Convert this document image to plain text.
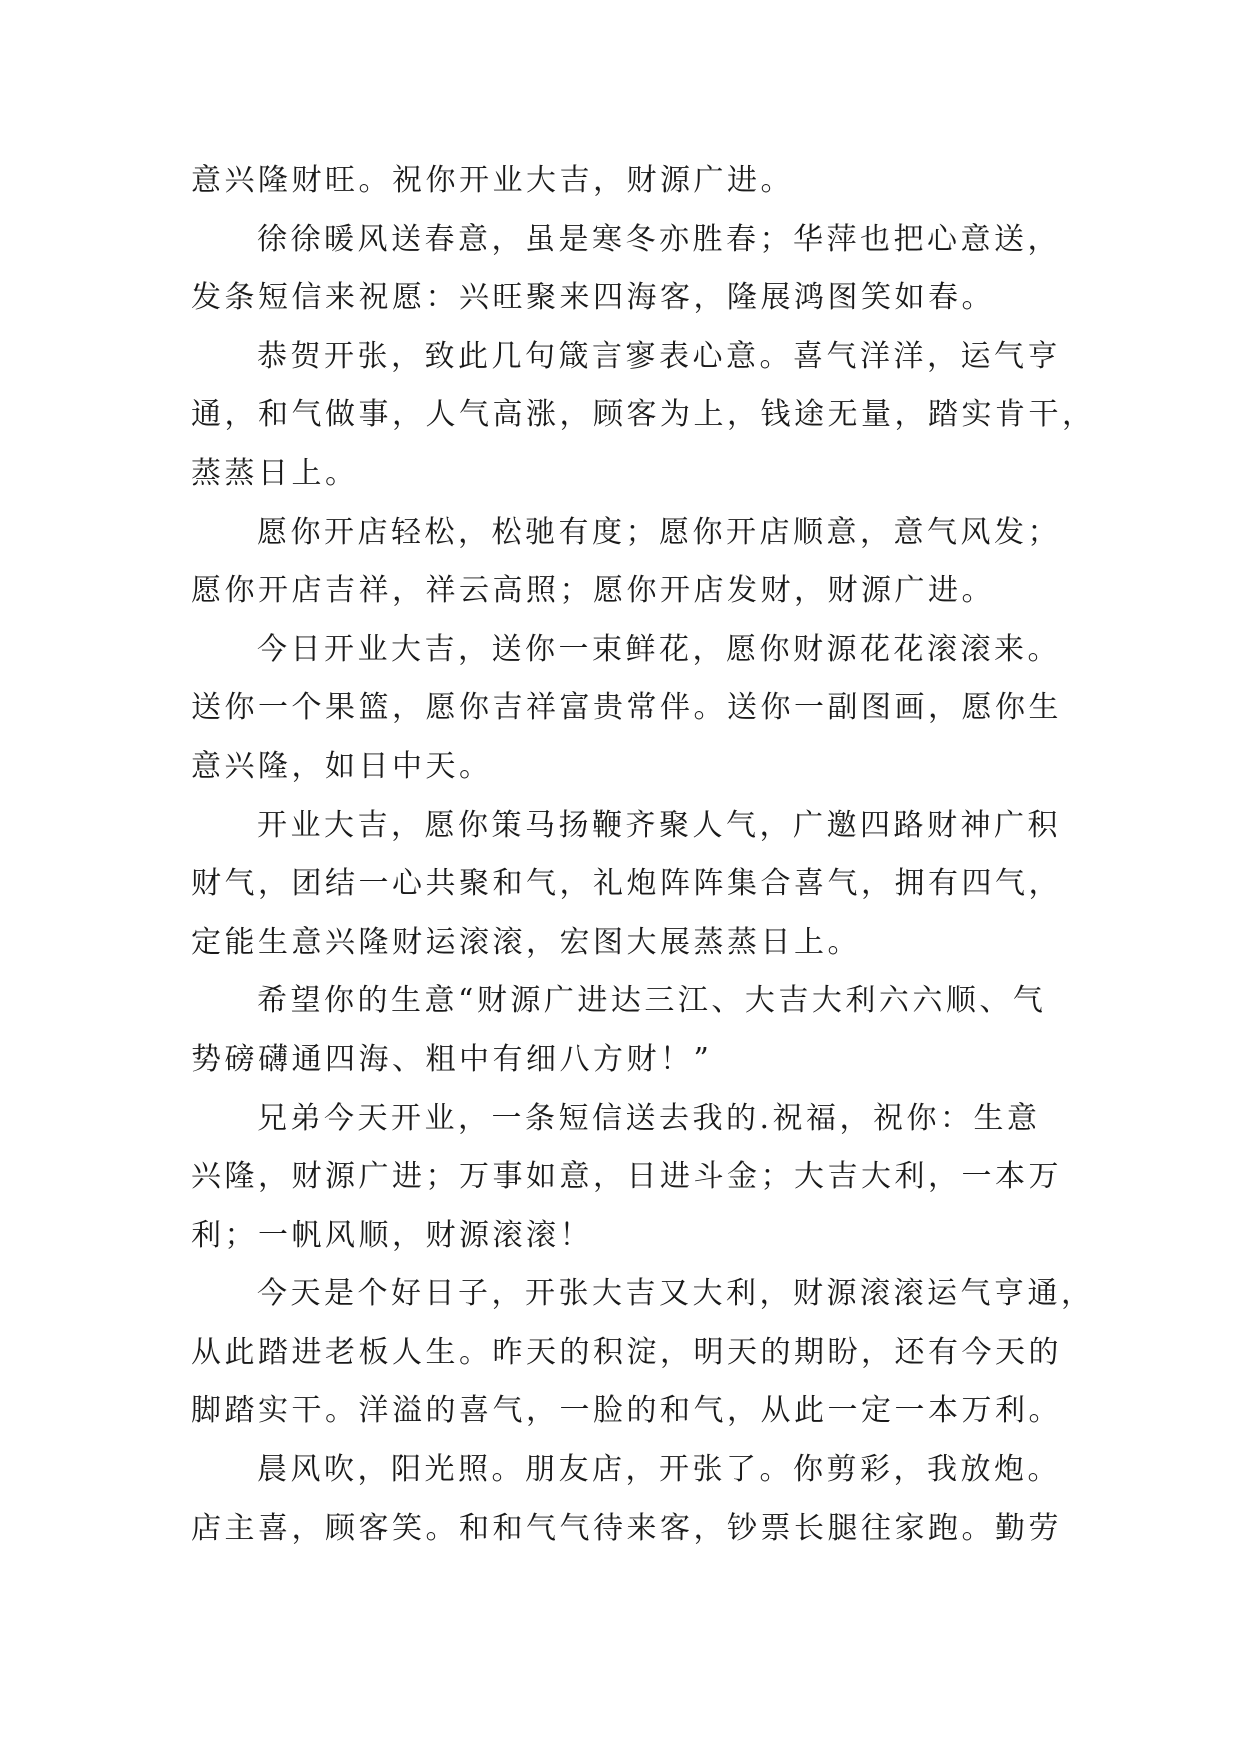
意兴隆财旺。祝你开业大吉，财源广进。
徐徐暖风送春意，虽是寒冬亦胜春；华萍也把心意送，
发条短信来祝愿：兴旺聚来四海客，隆展鸿图笑如春。
恭贺开张，致此几句箴言寥表心意。喜气洋洋，运气亨
通，和气做事，人气高涨，顾客为上，钱途无量，踏实肯干，
蒸蒸日上。
愿你开店轻松，松驰有度；愿你开店顺意，意气风发；
愿你开店吉祥，祥云高照；愿你开店发财，财源广进。
今日开业大吉，送你一束鲜花，愿你财源花花滚滚来。
送你一个果篮，愿你吉祥富贵常伴。送你一副图画，愿你生
意兴隆，如日中天。
开业大吉，愿你策马扬鞭齐聚人气，广邀四路财神广积
财气，团结一心共聚和气，礼炮阵阵集合喜气，拥有四气，
定能生意兴隆财运滚滚，宏图大展蒸蒸日上。
希望你的生意“财源广进达三江、大吉大利六六顺、气
势磅礴通四海、粗中有细八方财！”
兄弟今天开业，一条短信送去我的.祝福，祝你：生意
兴隆，财源广进；万事如意，日进斗金；大吉大利，一本万
利；一帆风顺，财源滚滚！
今天是个好日子，开张大吉又大利，财源滚滚运气亨通，
从此踏进老板人生。昨天的积淀，明天的期盼，还有今天的
脚踏实干。洋溢的喜气，一脸的和气，从此一定一本万利。
晨风吹，阳光照。朋友店，开张了。你剪彩，我放炮。
店主喜，顾客笑。和和气气待来客，钞票长腿往家跑。勤劳
